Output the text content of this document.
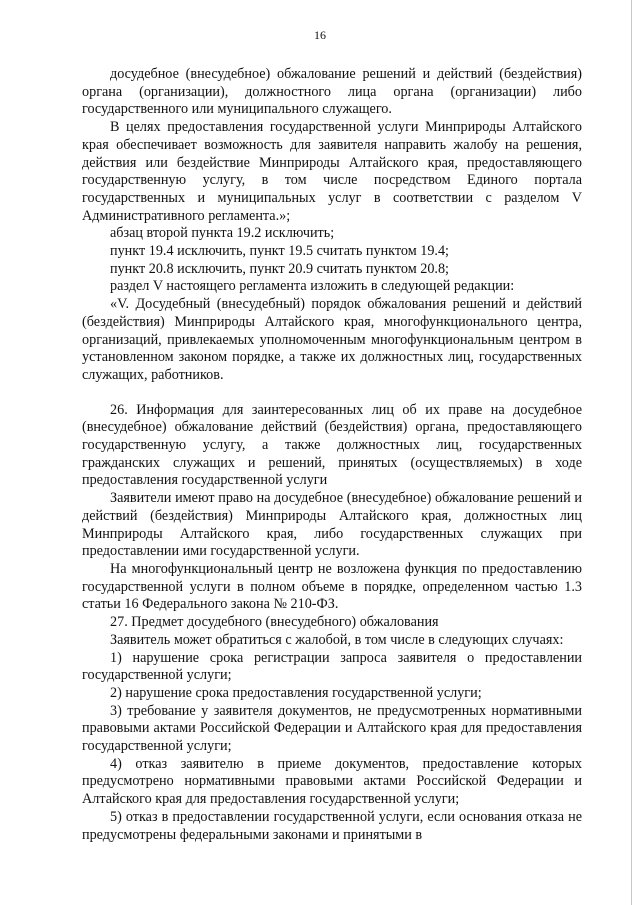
16

досудебное (внесудебное) обжалование решений и действий (бездействия) органа (организации), должностного лица органа (организации) либо государственного или муниципального служащего.

В целях предоставления государственной услуги Минприроды Алтайского края обеспечивает возможность для заявителя направить жалобу на решения, действия или бездействие Минприроды Алтайского края, предоставляющего государственную услугу, в том числе посредством Единого портала государственных и муниципальных услуг в соответствии с разделом V Административного регламента.»;

абзац второй пункта 19.2 исключить;

пункт 19.4 исключить, пункт 19.5 считать пунктом 19.4;

пункт 20.8 исключить, пункт 20.9 считать пунктом 20.8;

раздел V настоящего регламента изложить в следующей редакции:

«V. Досудебный (внесудебный) порядок обжалования решений и действий (бездействия) Минприроды Алтайского края, многофункционального центра, организаций, привлекаемых уполномоченным многофункциональным центром в установленном законом порядке, а также их должностных лиц, государственных служащих, работников.

26. Информация для заинтересованных лиц об их праве на досудебное (внесудебное) обжалование действий (бездействия) органа, предоставляющего государственную услугу, а также должностных лиц, государственных гражданских служащих и решений, принятых (осуществляемых) в ходе предоставления государственной услуги

Заявители имеют право на досудебное (внесудебное) обжалование решений и действий (бездействия) Минприроды Алтайского края, должностных лиц Минприроды Алтайского края, либо государственных служащих при предоставлении ими государственной услуги.

На многофункциональный центр не возложена функция по предоставлению государственной услуги в полном объеме в порядке, определенном частью 1.3 статьи 16 Федерального закона № 210-ФЗ.

27. Предмет досудебного (внесудебного) обжалования

Заявитель может обратиться с жалобой, в том числе в следующих случаях:

1) нарушение срока регистрации запроса заявителя о предоставлении государственной услуги;

2) нарушение срока предоставления государственной услуги;

3) требование у заявителя документов, не предусмотренных нормативными правовыми актами Российской Федерации и Алтайского края для предоставления государственной услуги;

4) отказ заявителю в приеме документов, предоставление которых предусмотрено нормативными правовыми актами Российской Федерации и Алтайского края для предоставления государственной услуги;

5) отказ в предоставлении государственной услуги, если основания отказа не предусмотрены федеральными законами и принятыми в
